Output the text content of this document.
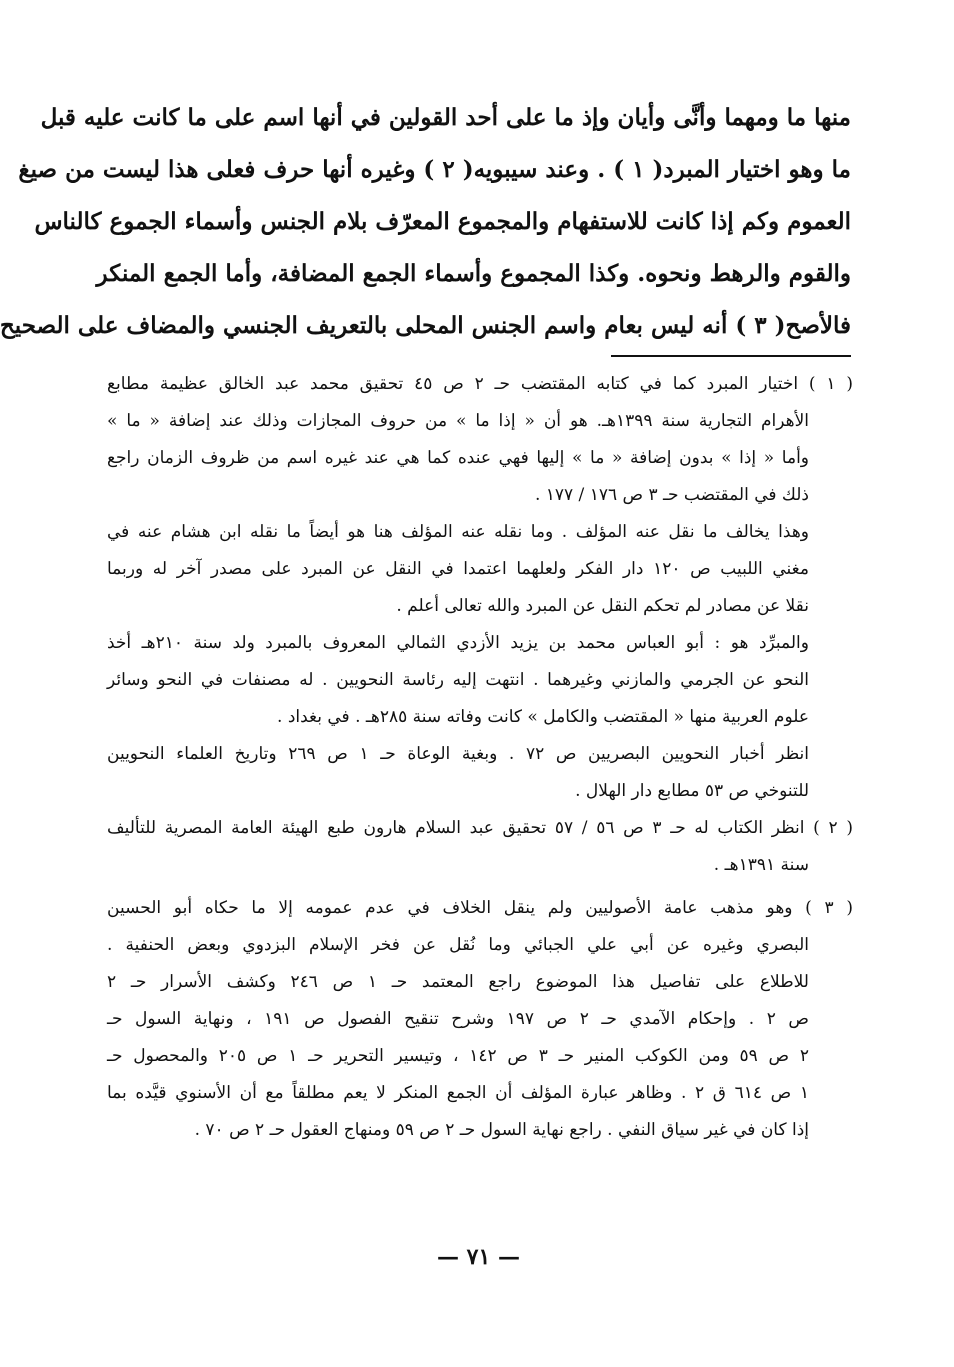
منها ما ومهما وأنَّى وأيان وإذ ما على أحد القولين في أنها اسم على ما كانت عليه قبل
ما وهو اختيار المبرد( ١ ) . وعند سيبويه( ٢ ) وغيره أنها حرف فعلى هذا ليست من صيغ
العموم وكم إذا كانت للاستفهام والمجموع المعرّف بلام الجنس وأسماء الجموع كالناس
والقوم والرهط ونحوه. وكذا المجموع وأسماء الجمع المضافة، وأما الجمع المنكر
فالأصح( ٣ ) أنه ليس بعام واسم الجنس المحلى بالتعريف الجنسي والمضاف على الصحيح
( ١ ) اختيار المبرد كما في كتابه المقتضب حـ ٢ ص ٤٥ تحقيق محمد عبد الخالق عظيمة مطابع
الأهرام التجارية سنة ١٣٩٩هـ. هو أن « إذا ما » من حروف المجازات وذلك عند إضافة « ما »
وأما « إذا » بدون إضافة « ما » إليها فهي عنده كما هي عند غيره اسم من ظروف الزمان راجع
ذلك في المقتضب حـ ٣ ص ١٧٦ / ١٧٧ .
وهذا يخالف ما نقل عنه المؤلف . وما نقله عنه المؤلف هنا هو أيضاً ما نقله ابن هشام عنه في
مغني اللبيب ص ١٢٠ دار الفكر ولعلهما اعتمدا في النقل عن المبرد على مصدر آخر له وربما
نقلا عن مصادر لم تحكم النقل عن المبرد والله تعالى أعلم .
والمبرِّد هو : أبو العباس محمد بن يزيد الأزدي الثمالي المعروف بالمبرد ولد سنة ٢١٠هـ أخذ
النحو عن الجرمي والمازني وغيرهما . انتهت إليه رئاسة النحويين . له مصنفات في النحو وسائر
علوم العربية منها « المقتضب والكامل » كانت وفاته سنة ٢٨٥هـ . في بغداد .
انظر أخبار النحويين البصريين ص ٧٢ . وبغية الوعاة حـ ١ ص ٢٦٩ وتاريخ العلماء النحويين
للتنوخي ص ٥٣ مطابع دار الهلال .
( ٢ ) انظر الكتاب له حـ ٣ ص ٥٦ / ٥٧ تحقيق عبد السلام هارون طبع الهيئة العامة المصرية للتأليف
سنة ١٣٩١هـ .
( ٣ ) وهو مذهب عامة الأصوليين ولم ينقل الخلاف في عدم عمومه إلا ما حكاه أبو الحسين
البصري وغيره عن أبي علي الجبائي وما نُقل عن فخر الإسلام البزدوي وبعض الحنفية .
للاطلاع على تفاصيل هذا الموضوع راجع المعتمد حـ ١ ص ٢٤٦ وكشف الأسرار حـ ٢
ص ٢ . وإحكام الآمدي حـ ٢ ص ١٩٧ وشرح تنقيح الفصول ص ١٩١ ، ونهاية السول حـ
٢ ص ٥٩ ومن الكوكب المنير حـ ٣ ص ١٤٢ ، وتيسير التحرير حـ ١ ص ٢٠٥ والمحصول حـ
١ ص ٦١٤ ق ٢ . وظاهر عبارة المؤلف أن الجمع المنكر لا يعم مطلقاً مع أن الأسنوي قيَّده بما
إذا كان في غير سياق النفي . راجع نهاية السول حـ ٢ ص ٥٩ ومنهاج العقول حـ ٢ ص ٧٠ .
— ٧١ —
